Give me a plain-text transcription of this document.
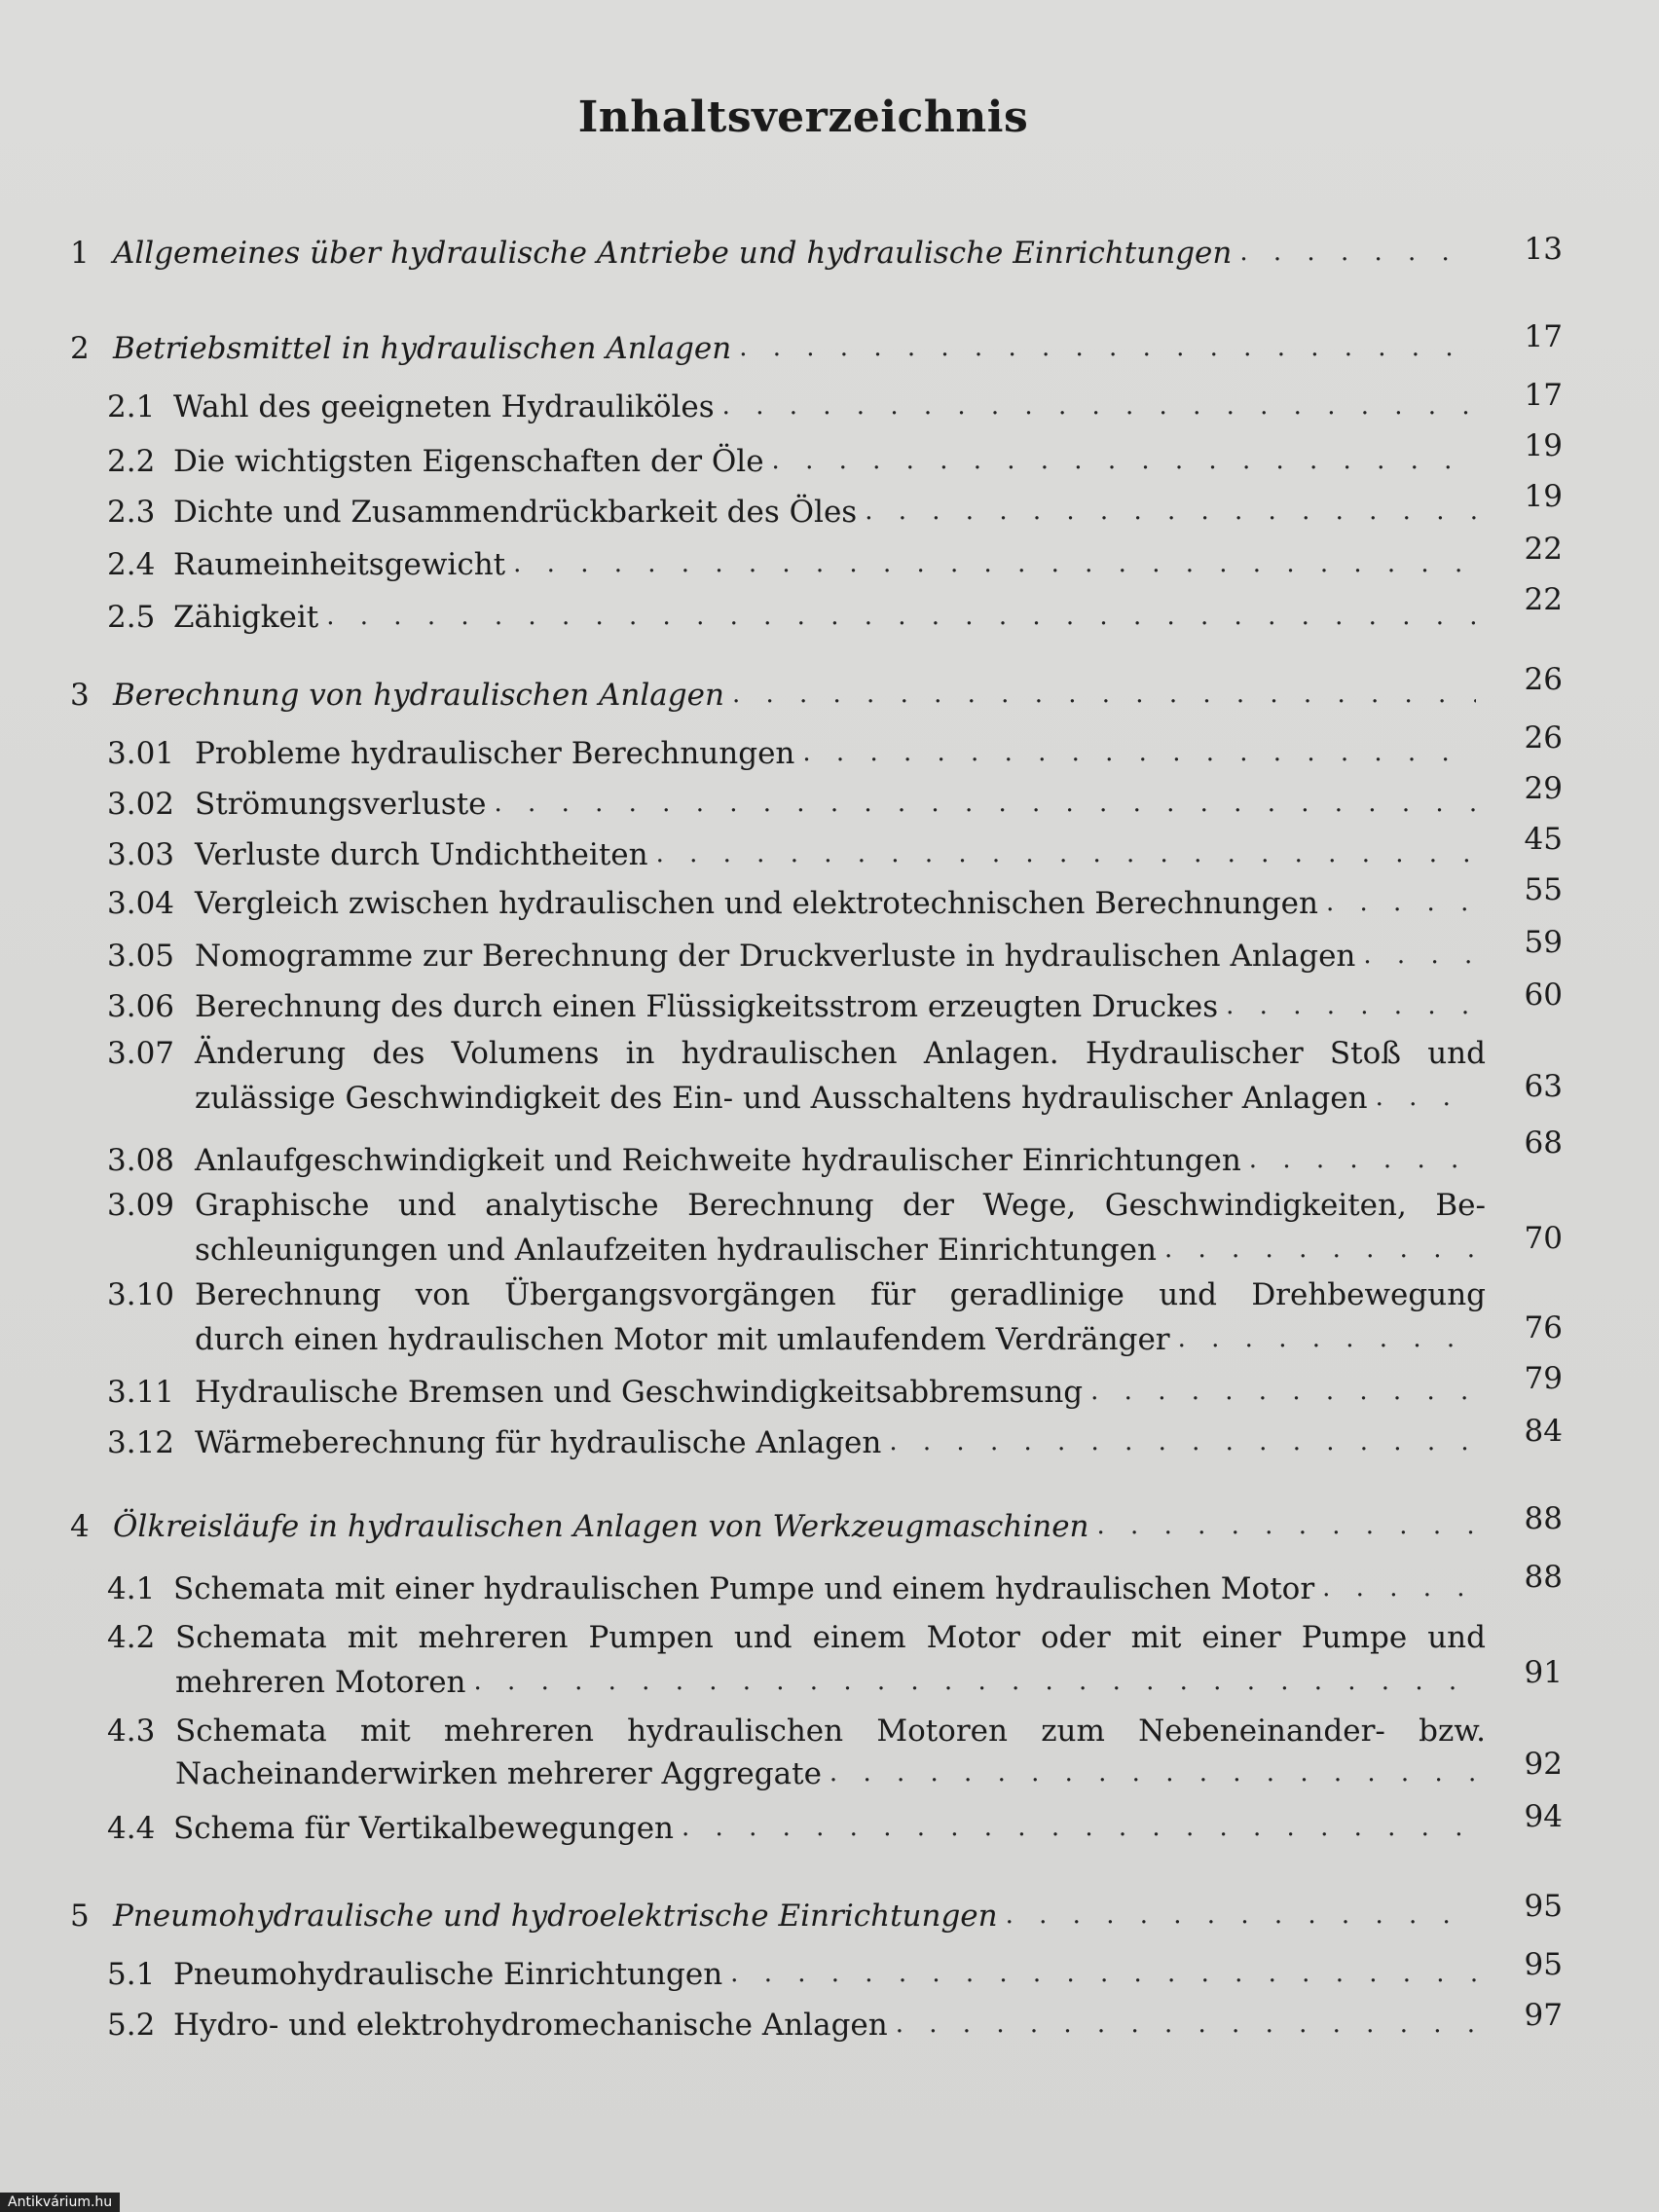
Inhaltsverzeichnis
1 Allgemeines über hydraulische Antriebe und hydraulische Einrichtungen . . .	13
2 Betriebsmittel in hydraulischen Anlagen . . .	17
2.1 Wahl des geeigneten Hydrauliköles . . .	17
2.2 Die wichtigsten Eigenschaften der Öle . . .	19
2.3 Dichte und Zusammendrückbarkeit des Öles . . .	19
2.4 Raumeinheitsgewicht . . .	22
2.5 Zähigkeit . . .	22
3 Berechnung von hydraulischen Anlagen . . .	26
3.01 Probleme hydraulischer Berechnungen . . .	26
3.02 Strömungsverluste . . .	29
3.03 Verluste durch Undichtheiten . . .	45
3.04 Vergleich zwischen hydraulischen und elektrotechnischen Berechnungen . . .	55
3.05 Nomogramme zur Berechnung der Druckverluste in hydraulischen Anlagen . . .	59
3.06 Berechnung des durch einen Flüssigkeitsstrom erzeugten Druckes . . .	60
3.07 Änderung des Volumens in hydraulischen Anlagen. Hydraulischer Stoß und
zulässige Geschwindigkeit des Ein- und Ausschaltens hydraulischer Anlagen . . .	63
3.08 Anlaufgeschwindigkeit und Reichweite hydraulischer Einrichtungen . . .	68
3.09 Graphische und analytische Berechnung der Wege, Geschwindigkeiten, Be-
schleunigungen und Anlaufzeiten hydraulischer Einrichtungen . . .	70
3.10 Berechnung von Übergangsvorgängen für geradlinige und Drehbewegung
durch einen hydraulischen Motor mit umlaufendem Verdränger . . .	76
3.11 Hydraulische Bremsen und Geschwindigkeitsabbremsung . . .	79
3.12 Wärmeberechnung für hydraulische Anlagen . . .	84
4 Ölkreisläufe in hydraulischen Anlagen von Werkzeugmaschinen . . .	88
4.1 Schemata mit einer hydraulischen Pumpe und einem hydraulischen Motor . . .	88
4.2 Schemata mit mehreren Pumpen und einem Motor oder mit einer Pumpe und
mehreren Motoren . . .	91
4.3 Schemata mit mehreren hydraulischen Motoren zum Nebeneinander- bzw.
Nacheinanderwirken mehrerer Aggregate . . .	92
4.4 Schema für Vertikalbewegungen . . .	94
5 Pneumohydraulische und hydroelektrische Einrichtungen . . .	95
5.1 Pneumohydraulische Einrichtungen . . .	95
5.2 Hydro- und elektrohydromechanische Anlagen . . .	97
Antikvárium.hu
